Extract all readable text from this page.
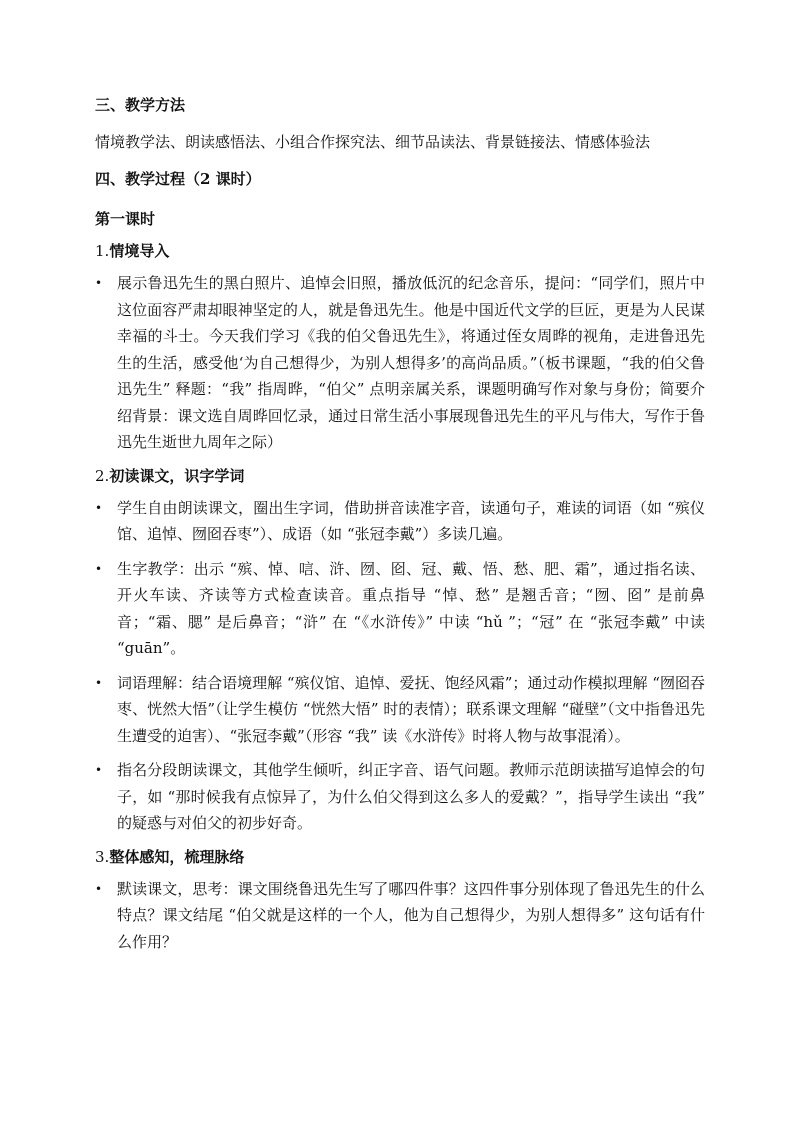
三、教学方法

情境教学法、朗读感悟法、小组合作探究法、细节品读法、背景链接法、情感体验法

四、教学过程（2 课时）

第一课时

1.情境导入

• 展示鲁迅先生的黑白照片、追悼会旧照，播放低沉的纪念音乐，提问：“同学们，照片中这位面容严肃却眼神坚定的人，就是鲁迅先生。他是中国近代文学的巨匠，更是为人民谋幸福的斗士。今天我们学习《我的伯父鲁迅先生》，将通过侄女周晔的视角，走进鲁迅先生的生活，感受他‘为自己想得少，为别人想得多’的高尚品质。”（板书课题，“我的伯父鲁迅先生” 释题：“我” 指周晔，“伯父” 点明亲属关系，课题明确写作对象与身份；简要介绍背景：课文选自周晔回忆录，通过日常生活小事展现鲁迅先生的平凡与伟大，写作于鲁迅先生逝世九周年之际）

2.初读课文，识字学词

• 学生自由朗读课文，圈出生字词，借助拼音读准字音，读通句子，难读的词语（如 “殡仪馆、追悼、囫囵吞枣”）、成语（如 “张冠李戴”）多读几遍。
• 生字教学：出示 “殡、悼、唁、浒、囫、囵、冠、戴、悟、愁、肥、霜”，通过指名读、开火车读、齐读等方式检查读音。重点指导 “悼、愁” 是翘舌音；“囫、囵” 是前鼻音；“霜、腮” 是后鼻音；“浒” 在 “《水浒传》” 中读 “hǔ ”；“冠” 在 “张冠李戴” 中读 “guān”。
• 词语理解：结合语境理解 “殡仪馆、追悼、爱抚、饱经风霜”；通过动作模拟理解 “囫囵吞枣、恍然大悟”（让学生模仿 “恍然大悟” 时的表情）；联系课文理解 “碰壁”（文中指鲁迅先生遭受的迫害）、“张冠李戴”（形容 “我” 读《水浒传》时将人物与故事混淆）。
• 指名分段朗读课文，其他学生倾听，纠正字音、语气问题。教师示范朗读描写追悼会的句子，如 “那时候我有点惊异了，为什么伯父得到这么多人的爱戴？”，指导学生读出 “我” 的疑惑与对伯父的初步好奇。

3.整体感知，梳理脉络

• 默读课文，思考：课文围绕鲁迅先生写了哪四件事？这四件事分别体现了鲁迅先生的什么特点？课文结尾 “伯父就是这样的一个人，他为自己想得少，为别人想得多” 这句话有什么作用？
